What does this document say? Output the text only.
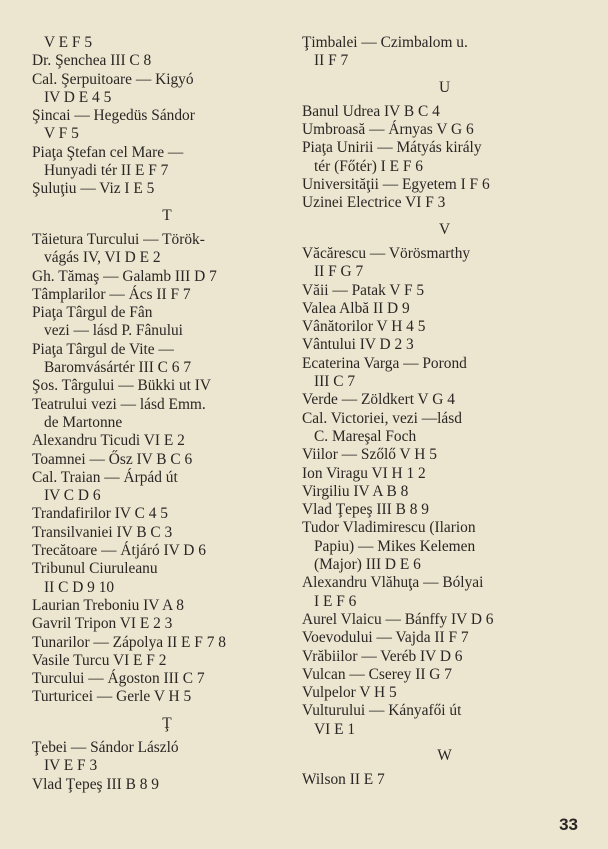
V E F 5
Dr. Şenchea III C 8
Cal. Şerpuitoare — Kigyó
IV D E 4 5
Şincai — Hegedüs Sándor
V F 5
Piaţa Ştefan cel Mare —
Hunyadi tér II E F 7
Şuluţiu — Viz I E 5
T
Tăietura Turcului — Török-
vágás IV, VI D E 2
Gh. Tămaş — Galamb III D 7
Tâmplarilor — Ács II F 7
Piaţa Târgul de Fân
vezi — lásd P. Fânului
Piaţa Târgul de Vite —
Baromvásártér III C 6 7
Şos. Târgului — Bükki ut IV
Teatrului vezi — lásd Emm.
de Martonne
Alexandru Ticudi VI E 2
Toamnei — Ősz IV B C 6
Cal. Traian — Árpád út
IV C D 6
Trandafirilor IV C 4 5
Transilvaniei IV B C 3
Trecătoare — Átjáró IV D 6
Tribunul Ciuruleanu
II C D 9 10
Laurian Treboniu IV A 8
Gavril Tripon VI E 2 3
Tunarilor — Zápolya II E F 7 8
Vasile Turcu VI E F 2
Turcului — Ágoston III C 7
Turturicei — Gerle V H 5
Ţ
Ţebei — Sándor László
IV E F 3
Vlad Ţepeş III B 8 9
Ţimbalei — Czimbalom u.
II F 7
U
Banul Udrea IV B C 4
Umbroasă — Árnyas V G 6
Piaţa Unirii — Mátyás király
tér (Főtér) I E F 6
Universităţii — Egyetem I F 6
Uzinei Electrice VI F 3
V
Văcărescu — Vörösmarthy
II F G 7
Văii — Patak V F 5
Valea Albă II D 9
Vânătorilor V H 4 5
Vântului IV D 2 3
Ecaterina Varga — Porond
III C 7
Verde — Zöldkert V G 4
Cal. Victoriei, vezi —lásd
C. Mareşal Foch
Viilor — Szőlő V H 5
Ion Viragu VI H 1 2
Virgiliu IV A B 8
Vlad Ţepeş III B 8 9
Tudor Vladimirescu (Ilarion
Papiu) — Mikes Kelemen
(Major) III D E 6
Alexandru Vlăhuţa — Bólyai
I E F 6
Aurel Vlaicu — Bánffy IV D 6
Voevodului — Vajda II F 7
Vrăbiilor — Veréb IV D 6
Vulcan — Cserey II G 7
Vulpelor V H 5
Vulturului — Kányafői út
VI E 1
W
Wilson II E 7
33
